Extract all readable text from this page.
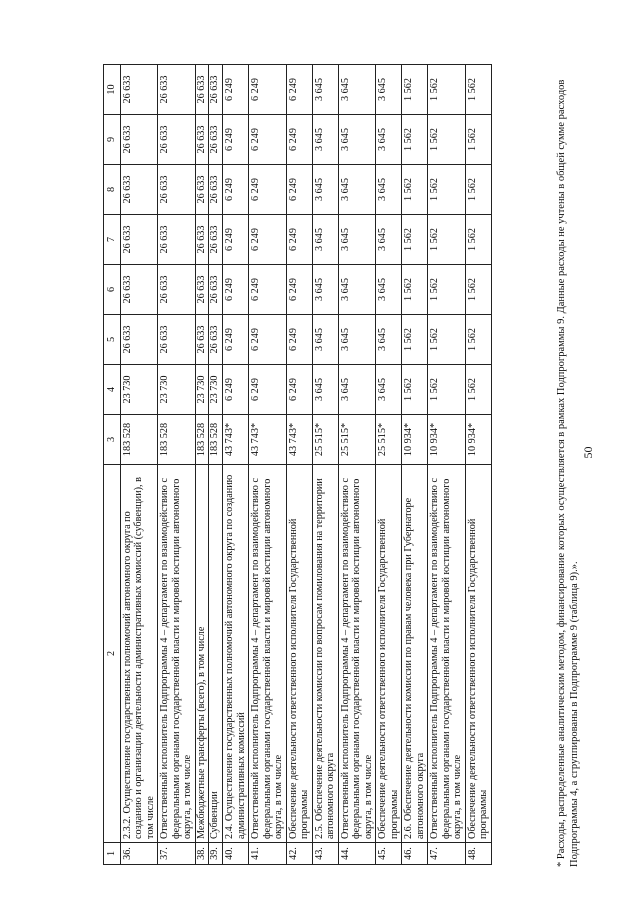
50
1	2	3	4	5	6	7	8	9	10
36.	2.3.2. Осуществление государственных полномочий автономного округа по созданию и организации деятельности административных комиссий (субвенции), в том числе	183 528	23 730	26 633	26 633	26 633	26 633	26 633	26 633
37.	Ответственный исполнитель Подпрограммы 4 – департамент по взаимодействию с федеральными органами государственной власти и мировой юстиции автономного округа, в том числе	183 528	23 730	26 633	26 633	26 633	26 633	26 633	26 633
38.	Межбюджетные трансферты (всего), в том числе	183 528	23 730	26 633	26 633	26 633	26 633	26 633	26 633
39.	Субвенции	183 528	23 730	26 633	26 633	26 633	26 633	26 633	26 633
40.	2.4. Осуществление государственных полномочий автономного округа по созданию административных комиссий	43 743*	6 249	6 249	6 249	6 249	6 249	6 249	6 249
41.	Ответственный исполнитель Подпрограммы 4 – департамент по взаимодействию с федеральными органами государственной власти и мировой юстиции автономного округа, в том числе	43 743*	6 249	6 249	6 249	6 249	6 249	6 249	6 249
42.	Обеспечение деятельности ответственного исполнителя Государственной программы	43 743*	6 249	6 249	6 249	6 249	6 249	6 249	6 249
43.	2.5. Обеспечение деятельности комиссии по вопросам помилования на территории автономного округа	25 515*	3 645	3 645	3 645	3 645	3 645	3 645	3 645
44.	Ответственный исполнитель Подпрограммы 4 – департамент по взаимодействию с федеральными органами государственной власти и мировой юстиции автономного округа, в том числе	25 515*	3 645	3 645	3 645	3 645	3 645	3 645	3 645
45.	Обеспечение деятельности ответственного исполнителя Государственной программы	25 515*	3 645	3 645	3 645	3 645	3 645	3 645	3 645
46.	2.6. Обеспечение деятельности комиссии по правам человека при Губернаторе автономного округа	10 934*	1 562	1 562	1 562	1 562	1 562	1 562	1 562
47.	Ответственный исполнитель Подпрограммы 4 – департамент по взаимодействию с федеральными органами государственной власти и мировой юстиции автономного округа, в том числе	10 934*	1 562	1 562	1 562	1 562	1 562	1 562	1 562
48.	Обеспечение деятельности ответственного исполнителя Государственной программы	10 934*	1 562	1 562	1 562	1 562	1 562	1 562	1 562	* Расходы, распределенные аналитическим методом, финансирование которых осуществляется в рамках Подпрограммы 9. Данные расходы не учтены в общей сумме расходов Подпрограммы 4, а сгруппированы в Подпрограмме 9 (таблица 9).».
